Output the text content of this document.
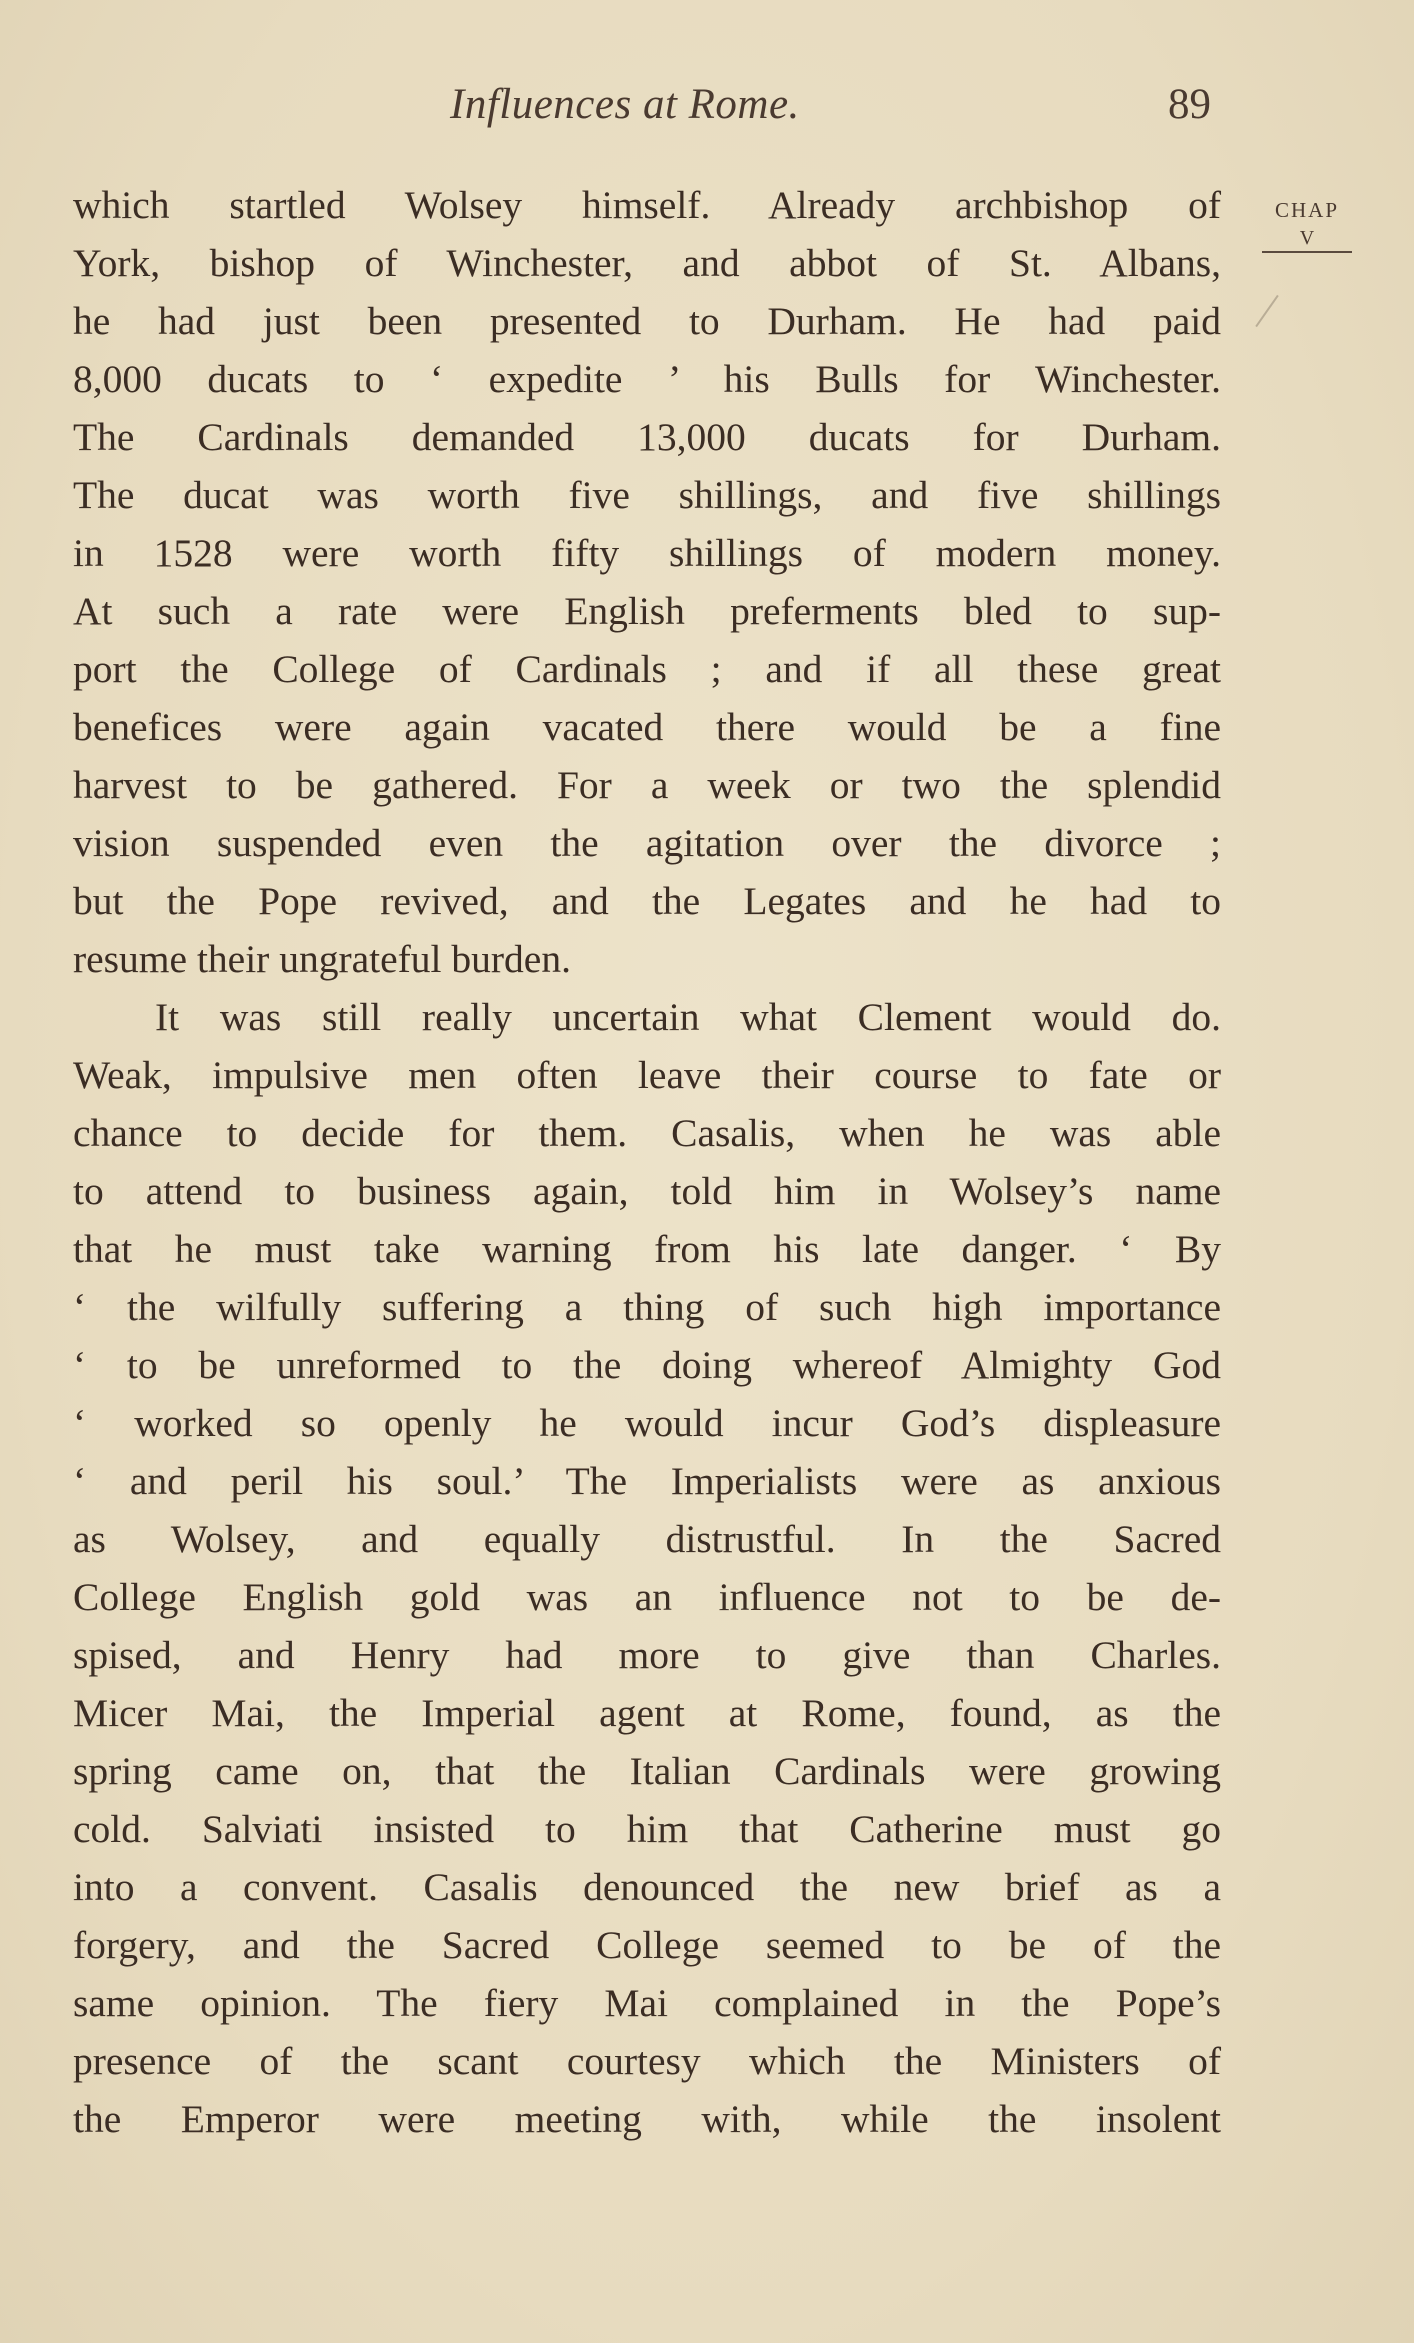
Influences at Rome.	89
CHAP
V
which startled Wolsey himself. Already archbishop of
York, bishop of Winchester, and abbot of St. Albans,
he had just been presented to Durham. He had paid
8,000 ducats to ‘ expedite ’ his Bulls for Winchester.
The Cardinals demanded 13,000 ducats for Durham.
The ducat was worth five shillings, and five shillings
in 1528 were worth fifty shillings of modern money.
At such a rate were English preferments bled to sup-
port the College of Cardinals ; and if all these great
benefices were again vacated there would be a fine
harvest to be gathered. For a week or two the splendid
vision suspended even the agitation over the divorce ;
but the Pope revived, and the Legates and he had to
resume their ungrateful burden.
It was still really uncertain what Clement would do.
Weak, impulsive men often leave their course to fate or
chance to decide for them. Casalis, when he was able
to attend to business again, told him in Wolsey’s name
that he must take warning from his late danger. ‘ By
‘ the wilfully suffering a thing of such high importance
‘ to be unreformed to the doing whereof Almighty God
‘ worked so openly he would incur God’s displeasure
‘ and peril his soul.’ The Imperialists were as anxious
as Wolsey, and equally distrustful. In the Sacred
College English gold was an influence not to be de-
spised, and Henry had more to give than Charles.
Micer Mai, the Imperial agent at Rome, found, as the
spring came on, that the Italian Cardinals were growing
cold. Salviati insisted to him that Catherine must go
into a convent. Casalis denounced the new brief as a
forgery, and the Sacred College seemed to be of the
same opinion. The fiery Mai complained in the Pope’s
presence of the scant courtesy which the Ministers of
the Emperor were meeting with, while the insolent
